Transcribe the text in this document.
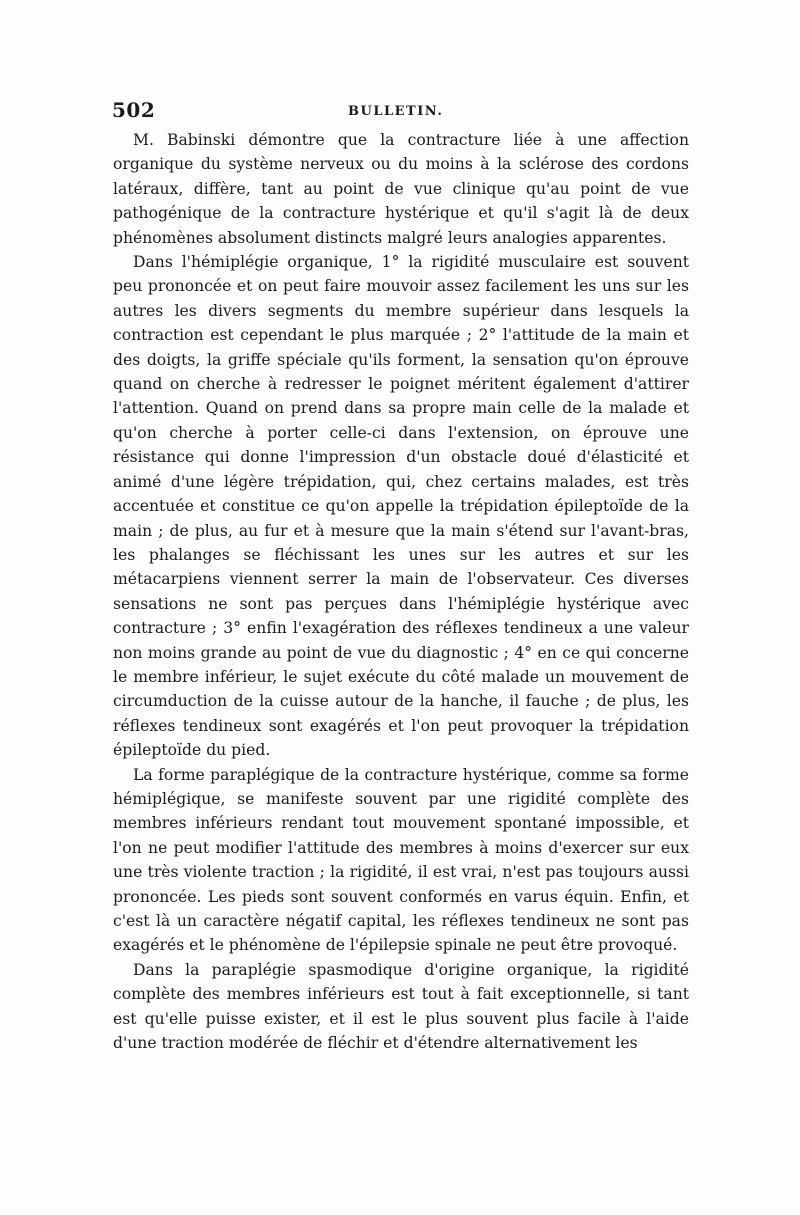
502	BULLETIN.

M. Babinski démontre que la contracture liée à une affection organique du système nerveux ou du moins à la sclérose des cordons latéraux, diffère, tant au point de vue clinique qu'au point de vue pathogénique de la contracture hystérique et qu'il s'agit là de deux phénomènes absolument distincts malgré leurs analogies apparentes.

Dans l'hémiplégie organique, 1° la rigidité musculaire est souvent peu prononcée et on peut faire mouvoir assez facilement les uns sur les autres les divers segments du membre supérieur dans lesquels la contraction est cependant le plus marquée ; 2° l'attitude de la main et des doigts, la griffe spéciale qu'ils forment, la sensation qu'on éprouve quand on cherche à redresser le poignet méritent également d'attirer l'attention. Quand on prend dans sa propre main celle de la malade et qu'on cherche à porter celle-ci dans l'extension, on éprouve une résistance qui donne l'impression d'un obstacle doué d'élasticité et animé d'une légère trépidation, qui, chez certains malades, est très accentuée et constitue ce qu'on appelle la trépidation épileptoïde de la main ; de plus, au fur et à mesure que la main s'étend sur l'avant-bras, les phalanges se fléchissant les unes sur les autres et sur les métacarpiens viennent serrer la main de l'observateur. Ces diverses sensations ne sont pas perçues dans l'hémiplégie hystérique avec contracture ; 3° enfin l'exagération des réflexes tendineux a une valeur non moins grande au point de vue du diagnostic ; 4° en ce qui concerne le membre inférieur, le sujet exécute du côté malade un mouvement de circumduction de la cuisse autour de la hanche, il fauche ; de plus, les réflexes tendineux sont exagérés et l'on peut provoquer la trépidation épileptoïde du pied.

La forme paraplégique de la contracture hystérique, comme sa forme hémiplégique, se manifeste souvent par une rigidité complète des membres inférieurs rendant tout mouvement spontané impossible, et l'on ne peut modifier l'attitude des membres à moins d'exercer sur eux une très violente traction ; la rigidité, il est vrai, n'est pas toujours aussi prononcée. Les pieds sont souvent conformés en varus équin. Enfin, et c'est là un caractère négatif capital, les réflexes tendineux ne sont pas exagérés et le phénomène de l'épilepsie spinale ne peut être provoqué.

Dans la paraplégie spasmodique d'origine organique, la rigidité complète des membres inférieurs est tout à fait exceptionnelle, si tant est qu'elle puisse exister, et il est le plus souvent plus facile à l'aide d'une traction modérée de fléchir et d'étendre alternativement les
